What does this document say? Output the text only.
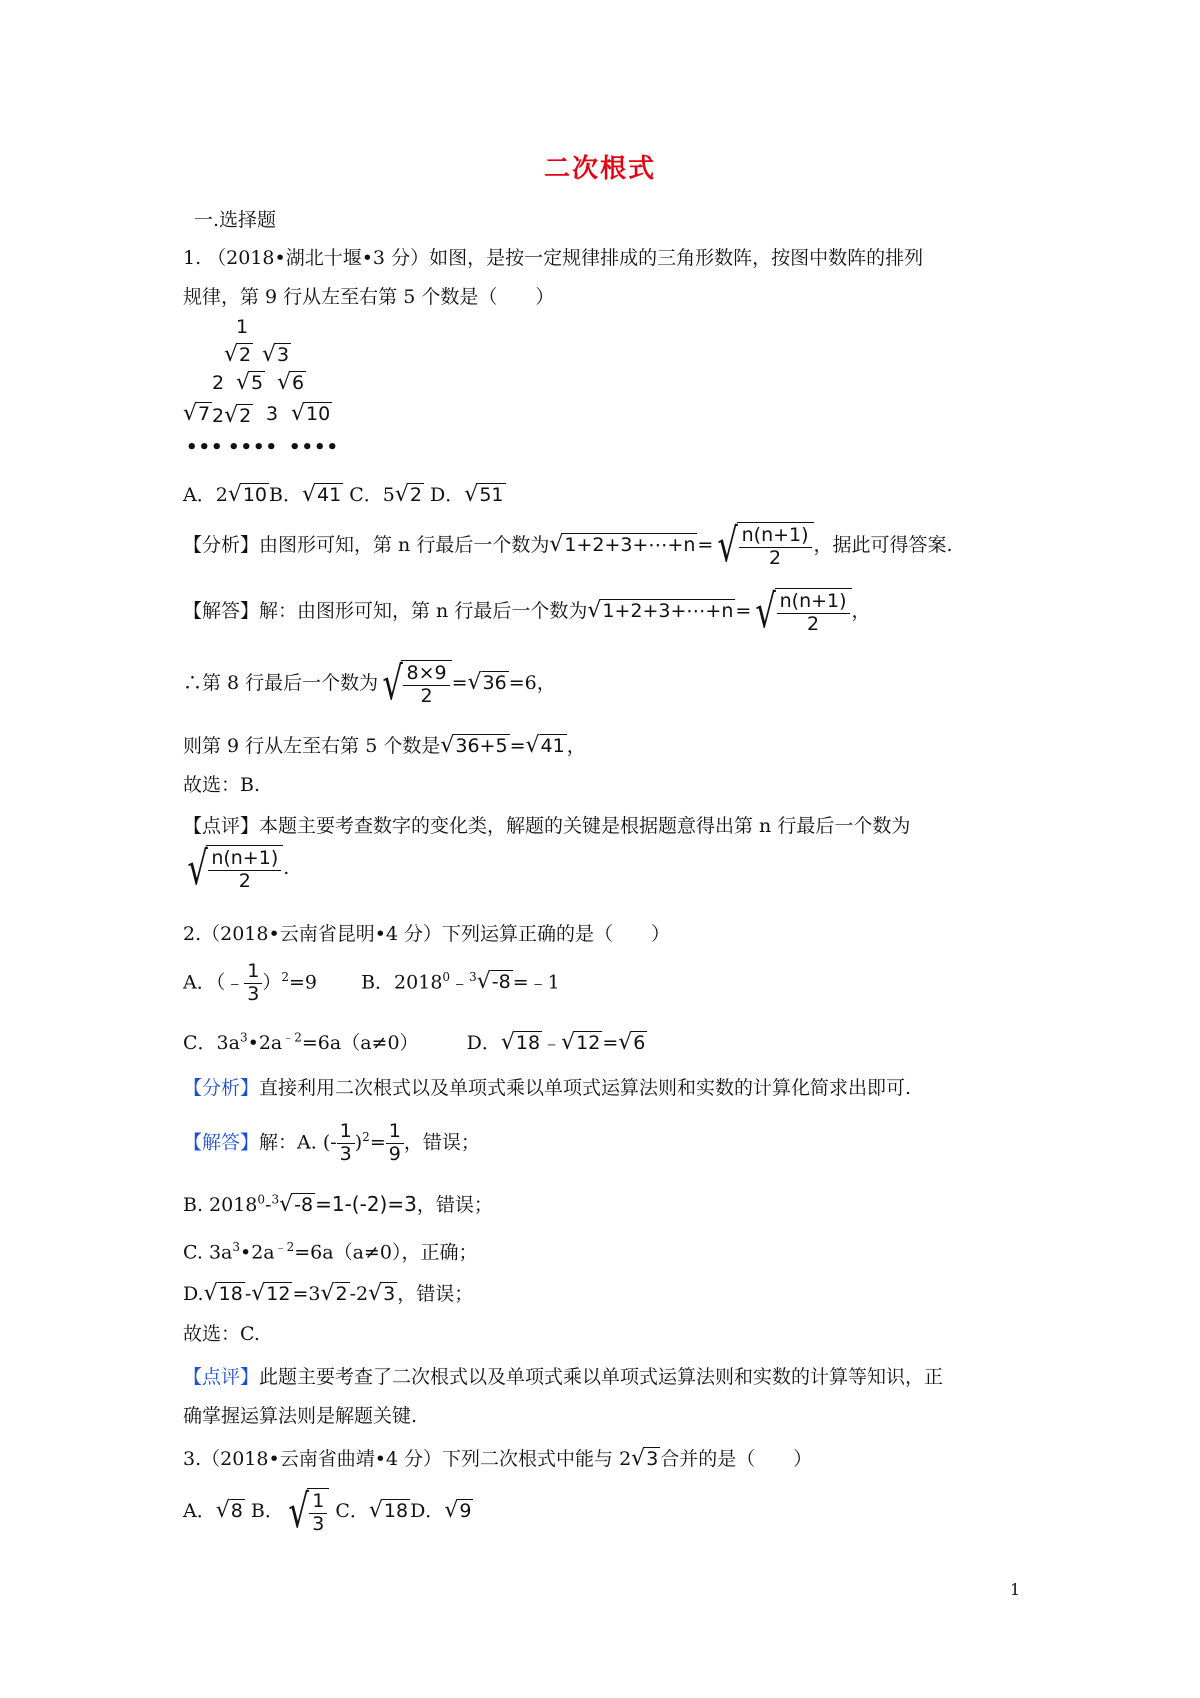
二次根式
一.选择题
1. （2018•湖北十堰•3 分）如图，是按一定规律排成的三角形数阵，按图中数阵的排列
规律，第 9 行从左至右第 5 个数是（　　）
1
√2 √3
2 √5 √6
√7 2√2 3 √10
••• •••• ••••
A．2√10 B．√41 C．5√2 D．√51
【分析】由图形可知，第 n 行最后一个数为√1+2+3+⋯+n = √ $\frac{n(n+1)}{2}$ ，据此可得答案.
【解答】解：由图形可知，第 n 行最后一个数为√1+2+3+⋯+n = √ $\frac{n(n+1)}{2}$ ，
∴第 8 行最后一个数为 √ $\frac{8\times 9}{2} =√36 =6$，
则第 9 行从左至右第 5 个数是√36+5 =√41 ，
故选：B.
【点评】本题主要考查数字的变化类，解题的关键是根据题意得出第 n 行最后一个数为
√ $\frac{n(n+1)}{2}$ .
2.（2018•云南省昆明•4 分）下列运算正确的是（　　）
A．（﹣ $\frac{1}{3} )^2=9$ B．$2018^0﹣^3√-8$ =﹣1
C．$3a^3•2a^{﹣2}=6a(a\ne 0)$	D．√18 ﹣√12 =√6
【分析】直接利用二次根式以及单项式乘以单项式运算法则和实数的计算化简求出即可.
【解答】解：A. (- $\frac{1}{3} )^2= \frac{1}{9}$ ，错误；
B. $2018^0-^3√-8 =1-(-2)=3$，错误；
C. $3a^3•2a^{﹣2}=6a(a\ne 0)$，正确；
D.√18 -√12 =3√2 -2√3 ，错误；
故选：C.
【点评】此题主要考查了二次根式以及单项式乘以单项式运算法则和实数的计算等知识，正
确掌握运算法则是解题关键.
3.（2018•云南省曲靖•4 分）下列二次根式中能与 2√3 合并的是（　　）
A．√8 B． √ $\frac{1}{3}$ C．√18 D．√9
1
